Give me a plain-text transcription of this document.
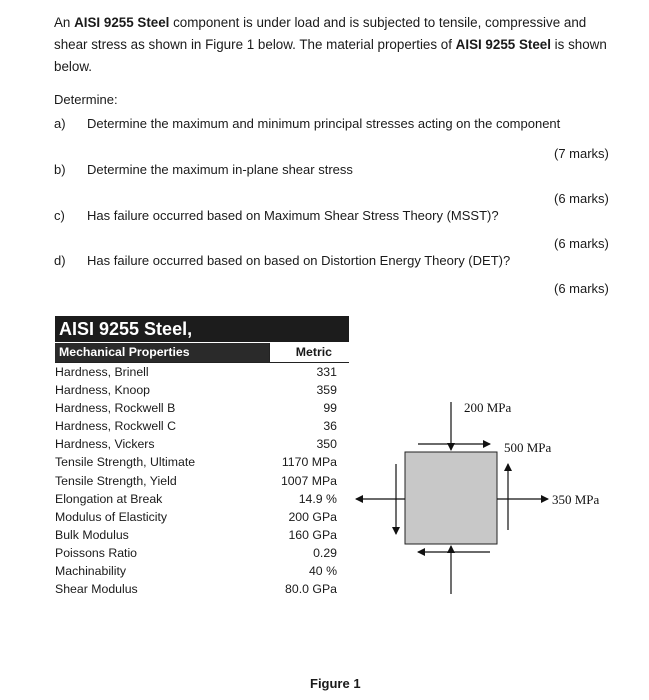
An AISI 9255 Steel component is under load and is subjected to tensile, compressive and shear stress as shown in Figure 1 below. The material properties of AISI 9255 Steel is shown below.
Determine:
a) Determine the maximum and minimum principal stresses acting on the component
(7 marks)
b) Determine the maximum in-plane shear stress
(6 marks)
c) Has failure occurred based on Maximum Shear Stress Theory (MSST)?
(6 marks)
d) Has failure occurred based on based on Distortion Energy Theory (DET)?
(6 marks)
AISI 9255 Steel,
Mechanical Properties	Metric
Hardness, Brinell	331
Hardness, Knoop	359
Hardness, Rockwell B	99
Hardness, Rockwell C	36
Hardness, Vickers	350
Tensile Strength, Ultimate	1170 MPa
Tensile Strength, Yield	1007 MPa
Elongation at Break	14.9 %
Modulus of Elasticity	200 GPa
Bulk Modulus	160 GPa
Poissons Ratio	0.29
Machinability	40 %
Shear Modulus	80.0 GPa
200 MPa
500 MPa
350 MPa
Figure 1
